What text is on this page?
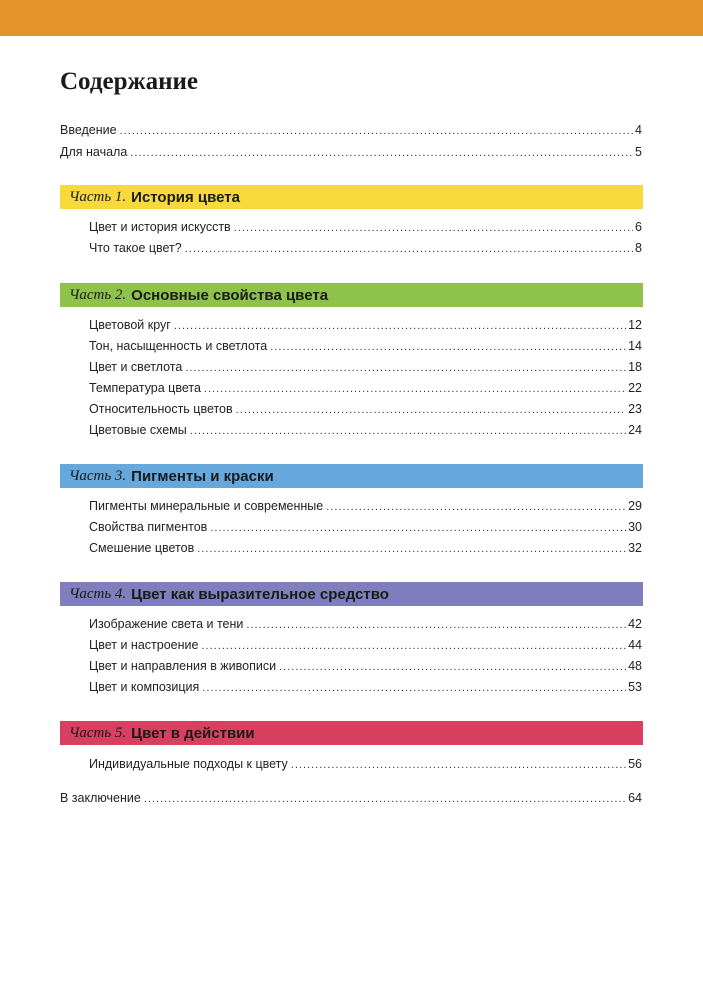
Содержание
Введение .....	4
Для начала .....	5
Часть 1. История цвета
Цвет и история искусств .....	6
Что такое цвет? .....	8
Часть 2. Основные свойства цвета
Цветовой круг .....	12
Тон, насыщенность и светлота .....	14
Цвет и светлота .....	18
Температура цвета .....	22
Относительность цветов .....	23
Цветовые схемы .....	24
Часть 3. Пигменты и краски
Пигменты минеральные и современные .....	29
Свойства пигментов .....	30
Смешение цветов .....	32
Часть 4. Цвет как выразительное средство
Изображение света и тени .....	42
Цвет и настроение .....	44
Цвет и направления в живописи .....	48
Цвет и композиция .....	53
Часть 5. Цвет в действии
Индивидуальные подходы к цвету .....	56
В заключение .....	64
